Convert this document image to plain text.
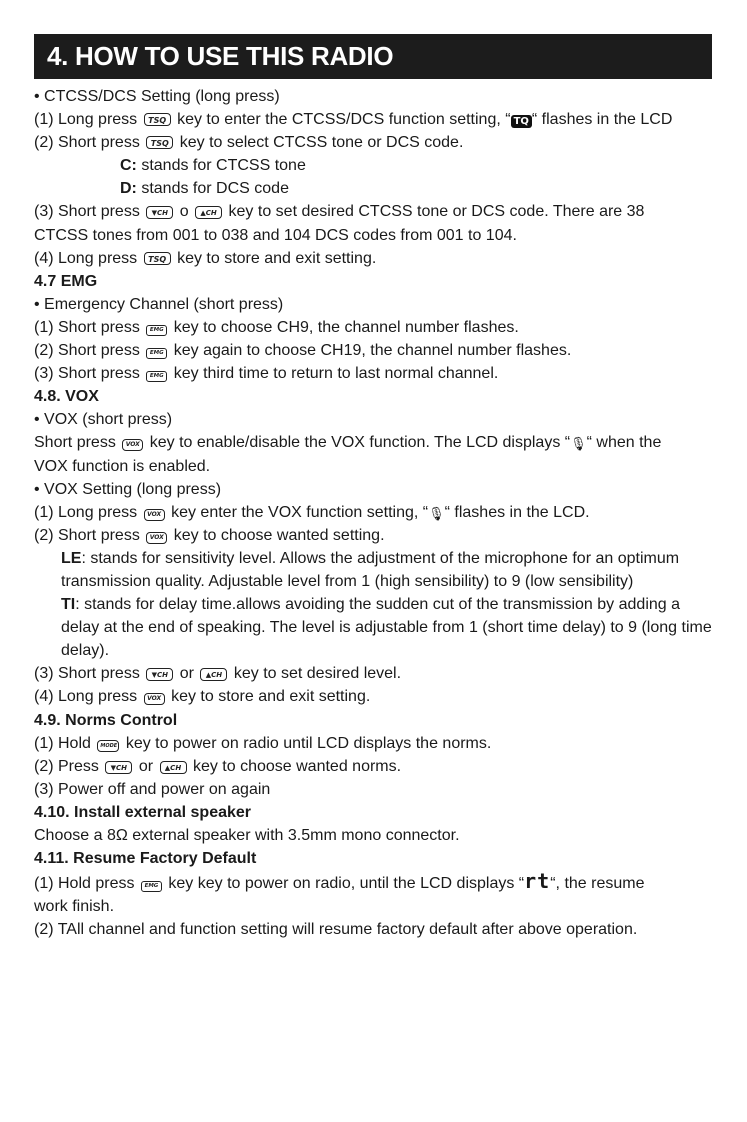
4. HOW TO USE THIS RADIO
• CTCSS/DCS Setting (long press)
(1) Long press TSQ key to enter the CTCSS/DCS function setting, “ TQ “ flashes in the LCD
(2) Short press TSQ key to select CTCSS tone or DCS code.
C: stands for CTCSS tone
D: stands for DCS code
(3) Short press ▼CH o ▲CH key to set desired CTCSS tone or DCS code. There are 38
CTCSS tones from 001 to 038 and 104 DCS codes from 001 to 104.
(4) Long press TSQ key to store and exit setting.
4.7 EMG
• Emergency Channel (short press)
(1) Short press EMG key to choose CH9, the channel number flashes.
(2) Short press EMG key again to choose CH19, the channel number flashes.
(3) Short press EMG key third time to return to last normal channel.
4.8. VOX
• VOX (short press)
Short press VOX key to enable/disable the VOX function. The LCD displays “🎙“ when the
VOX function is enabled.
• VOX Setting (long press)
(1) Long press VOX key enter the VOX function setting, “🎙“ flashes in the LCD.
(2) Short press VOX key to choose wanted setting.
LE: stands for sensitivity level. Allows the adjustment of the microphone for an optimum transmission quality. Adjustable level from 1 (high sensibility) to 9 (low sensibility)
TI: stands for delay time.allows avoiding the sudden cut of the transmission by adding a delay at the end of speaking. The level is adjustable from 1 (short time delay) to 9 (long time delay).
(3) Short press ▼CH or ▲CH key to set desired level.
(4) Long press VOX key to store and exit setting.
4.9. Norms Control
(1) Hold MODE key to power on radio until LCD displays the norms.
(2) Press ▼CH or ▲CH key to choose wanted norms.
(3) Power off and power on again
4.10. Install external speaker
Choose a 8Ω external speaker with 3.5mm mono connector.
4.11. Resume Factory Default
(1) Hold press EMG key key to power on radio, until the LCD displays “rt“, the resume
work finish.
(2) TAll channel and function setting will resume factory default after above operation.
